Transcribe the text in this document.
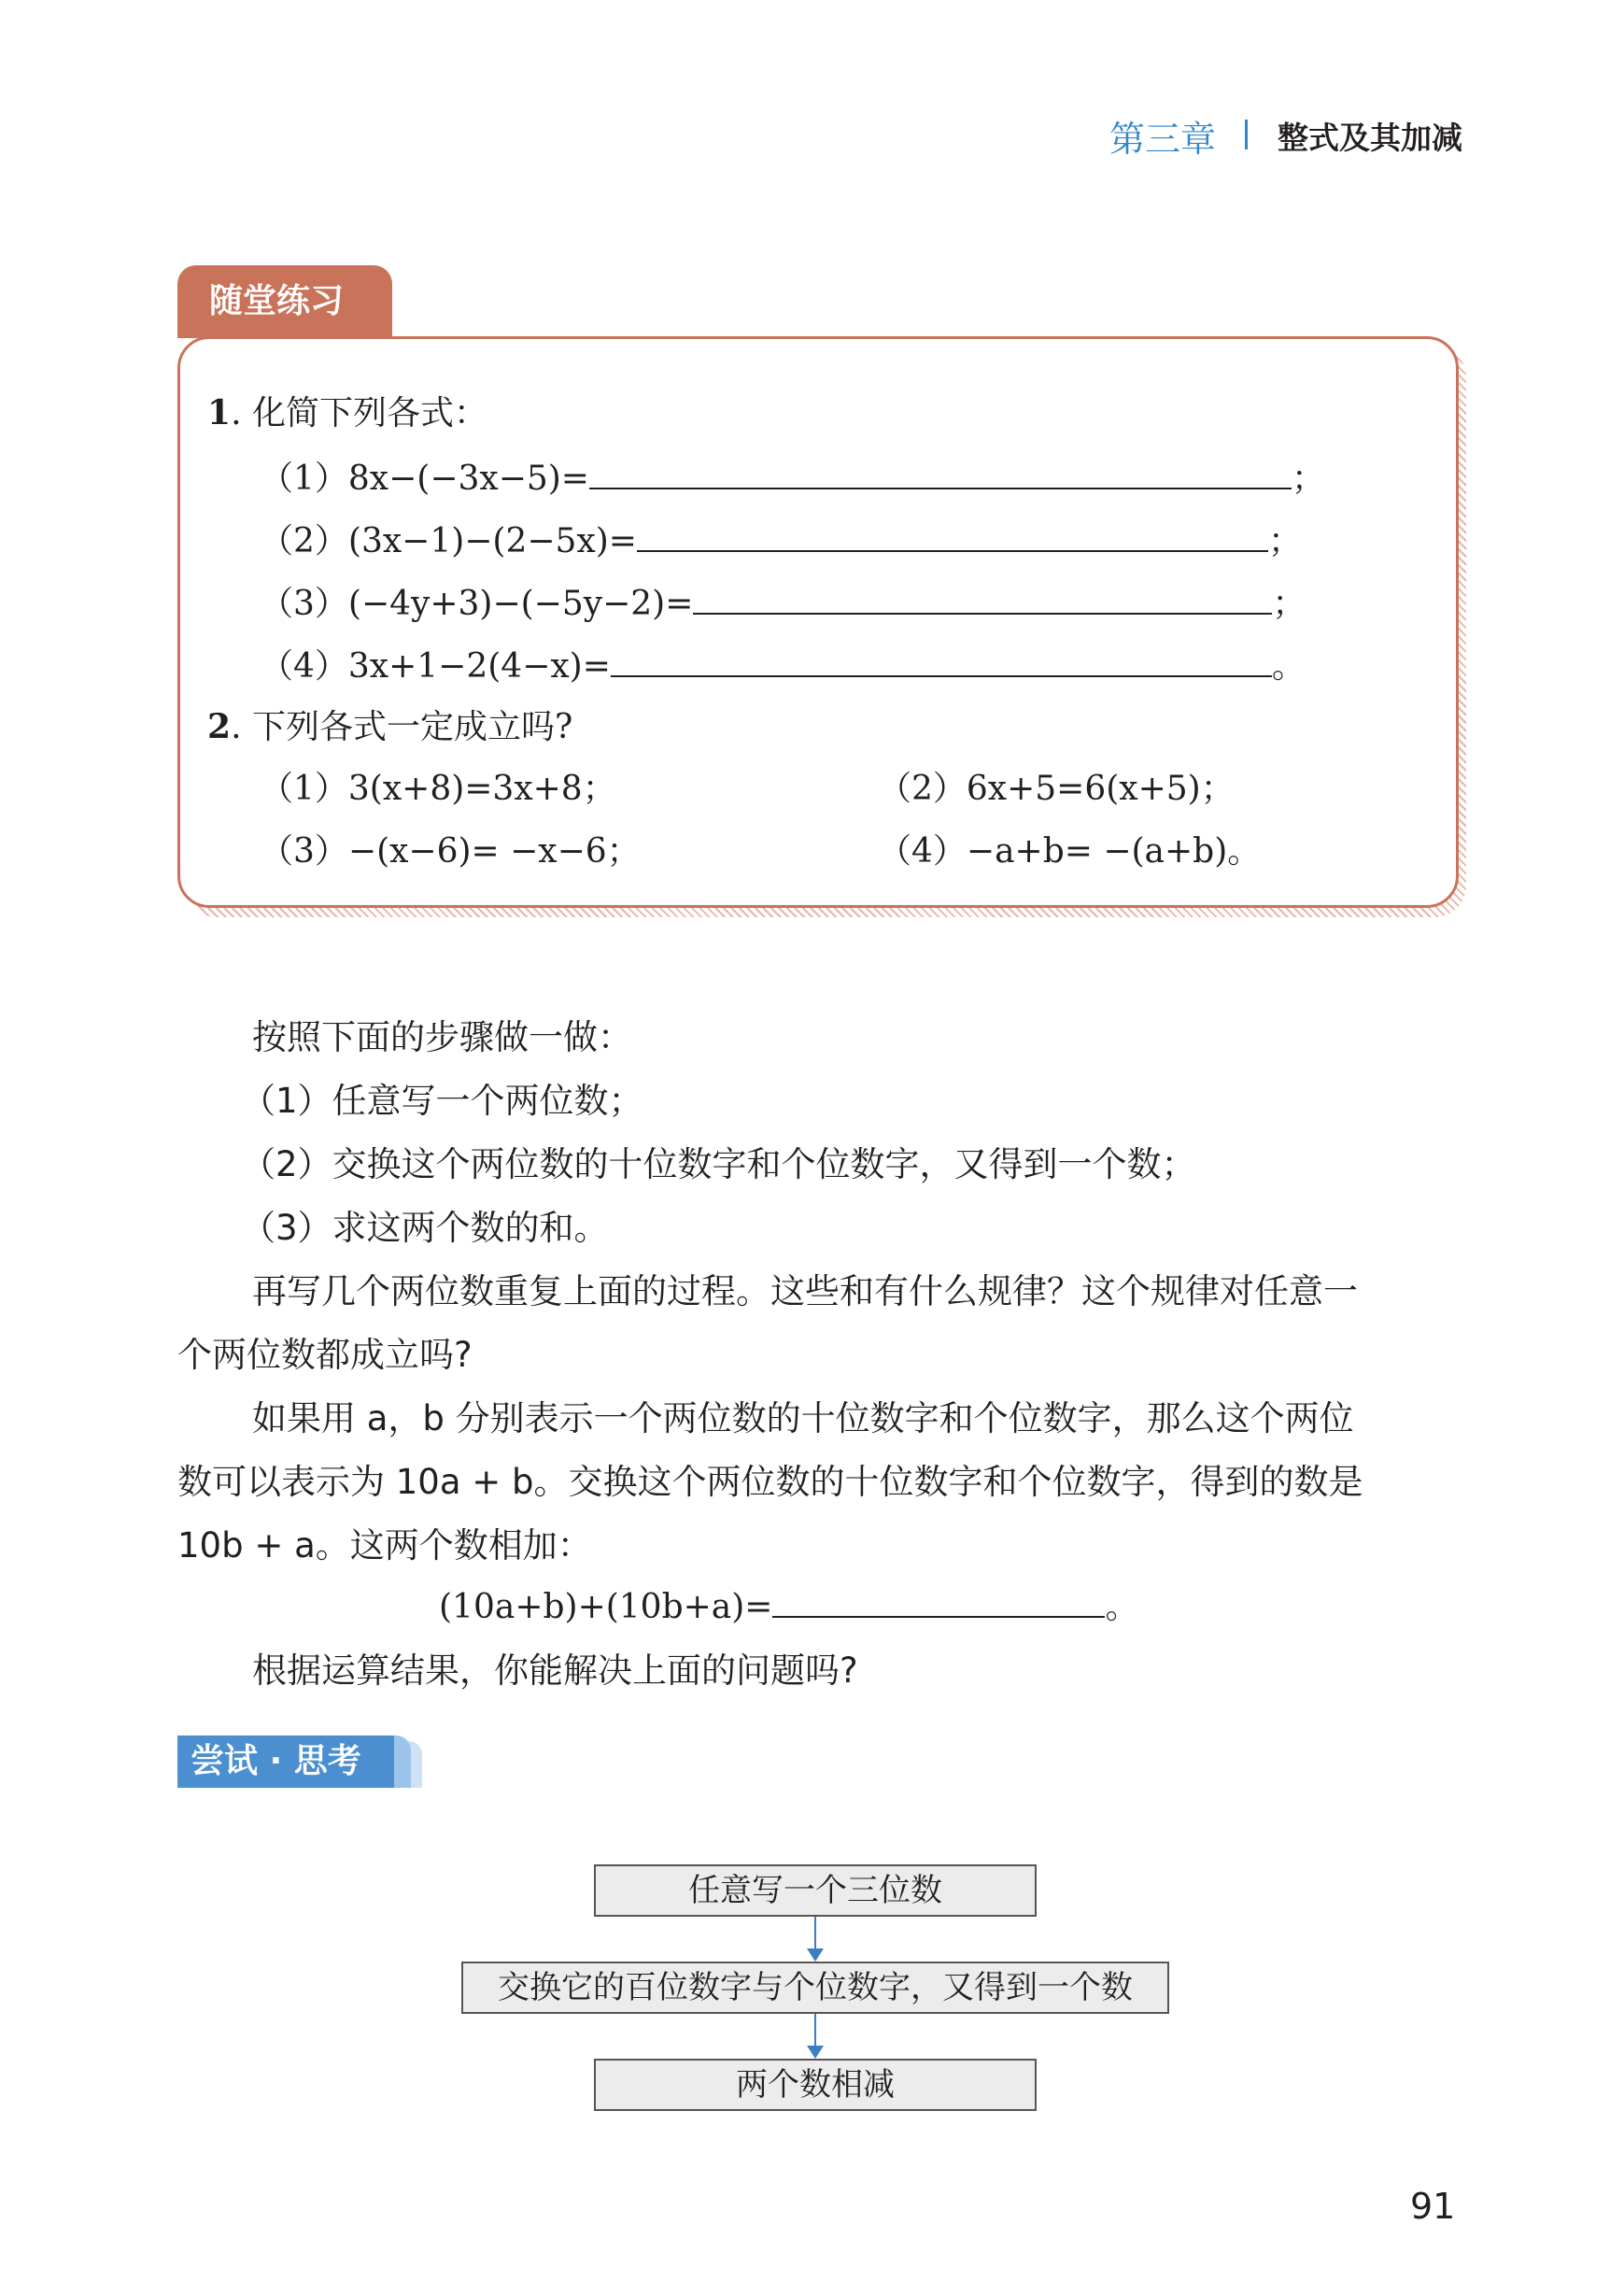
第三章 整式及其加减
随堂练习
1. 化简下列各式：
（1）8x−(−3x−5)=	；
（2）(3x−1)−(2−5x)=	；
（3）(−4y+3)−(−5y−2)=	；
（4）3x+1−2(4−x)=	。
2. 下列各式一定成立吗?
（1）3(x+8)=3x+8；	（2）6x+5=6(x+5)；
（3）−(x−6)= −x−6；	（4）−a+b= −(a+b)。
按照下面的步骤做一做：
（1）任意写一个两位数；
（2）交换这个两位数的十位数字和个位数字，又得到一个数；
（3）求这两个数的和。
再写几个两位数重复上面的过程。这些和有什么规律？这个规律对任意一
个两位数都成立吗?
如果用 a，b 分别表示一个两位数的十位数字和个位数字，那么这个两位
数可以表示为 10a + b。交换这个两位数的十位数字和个位数字，得到的数是
10b + a。这两个数相加：
(10a+b)+(10b+a)=	。
根据运算结果，你能解决上面的问题吗?
尝试 · 思考
任意写一个三位数
交换它的百位数字与个位数字，又得到一个数
两个数相减
91
